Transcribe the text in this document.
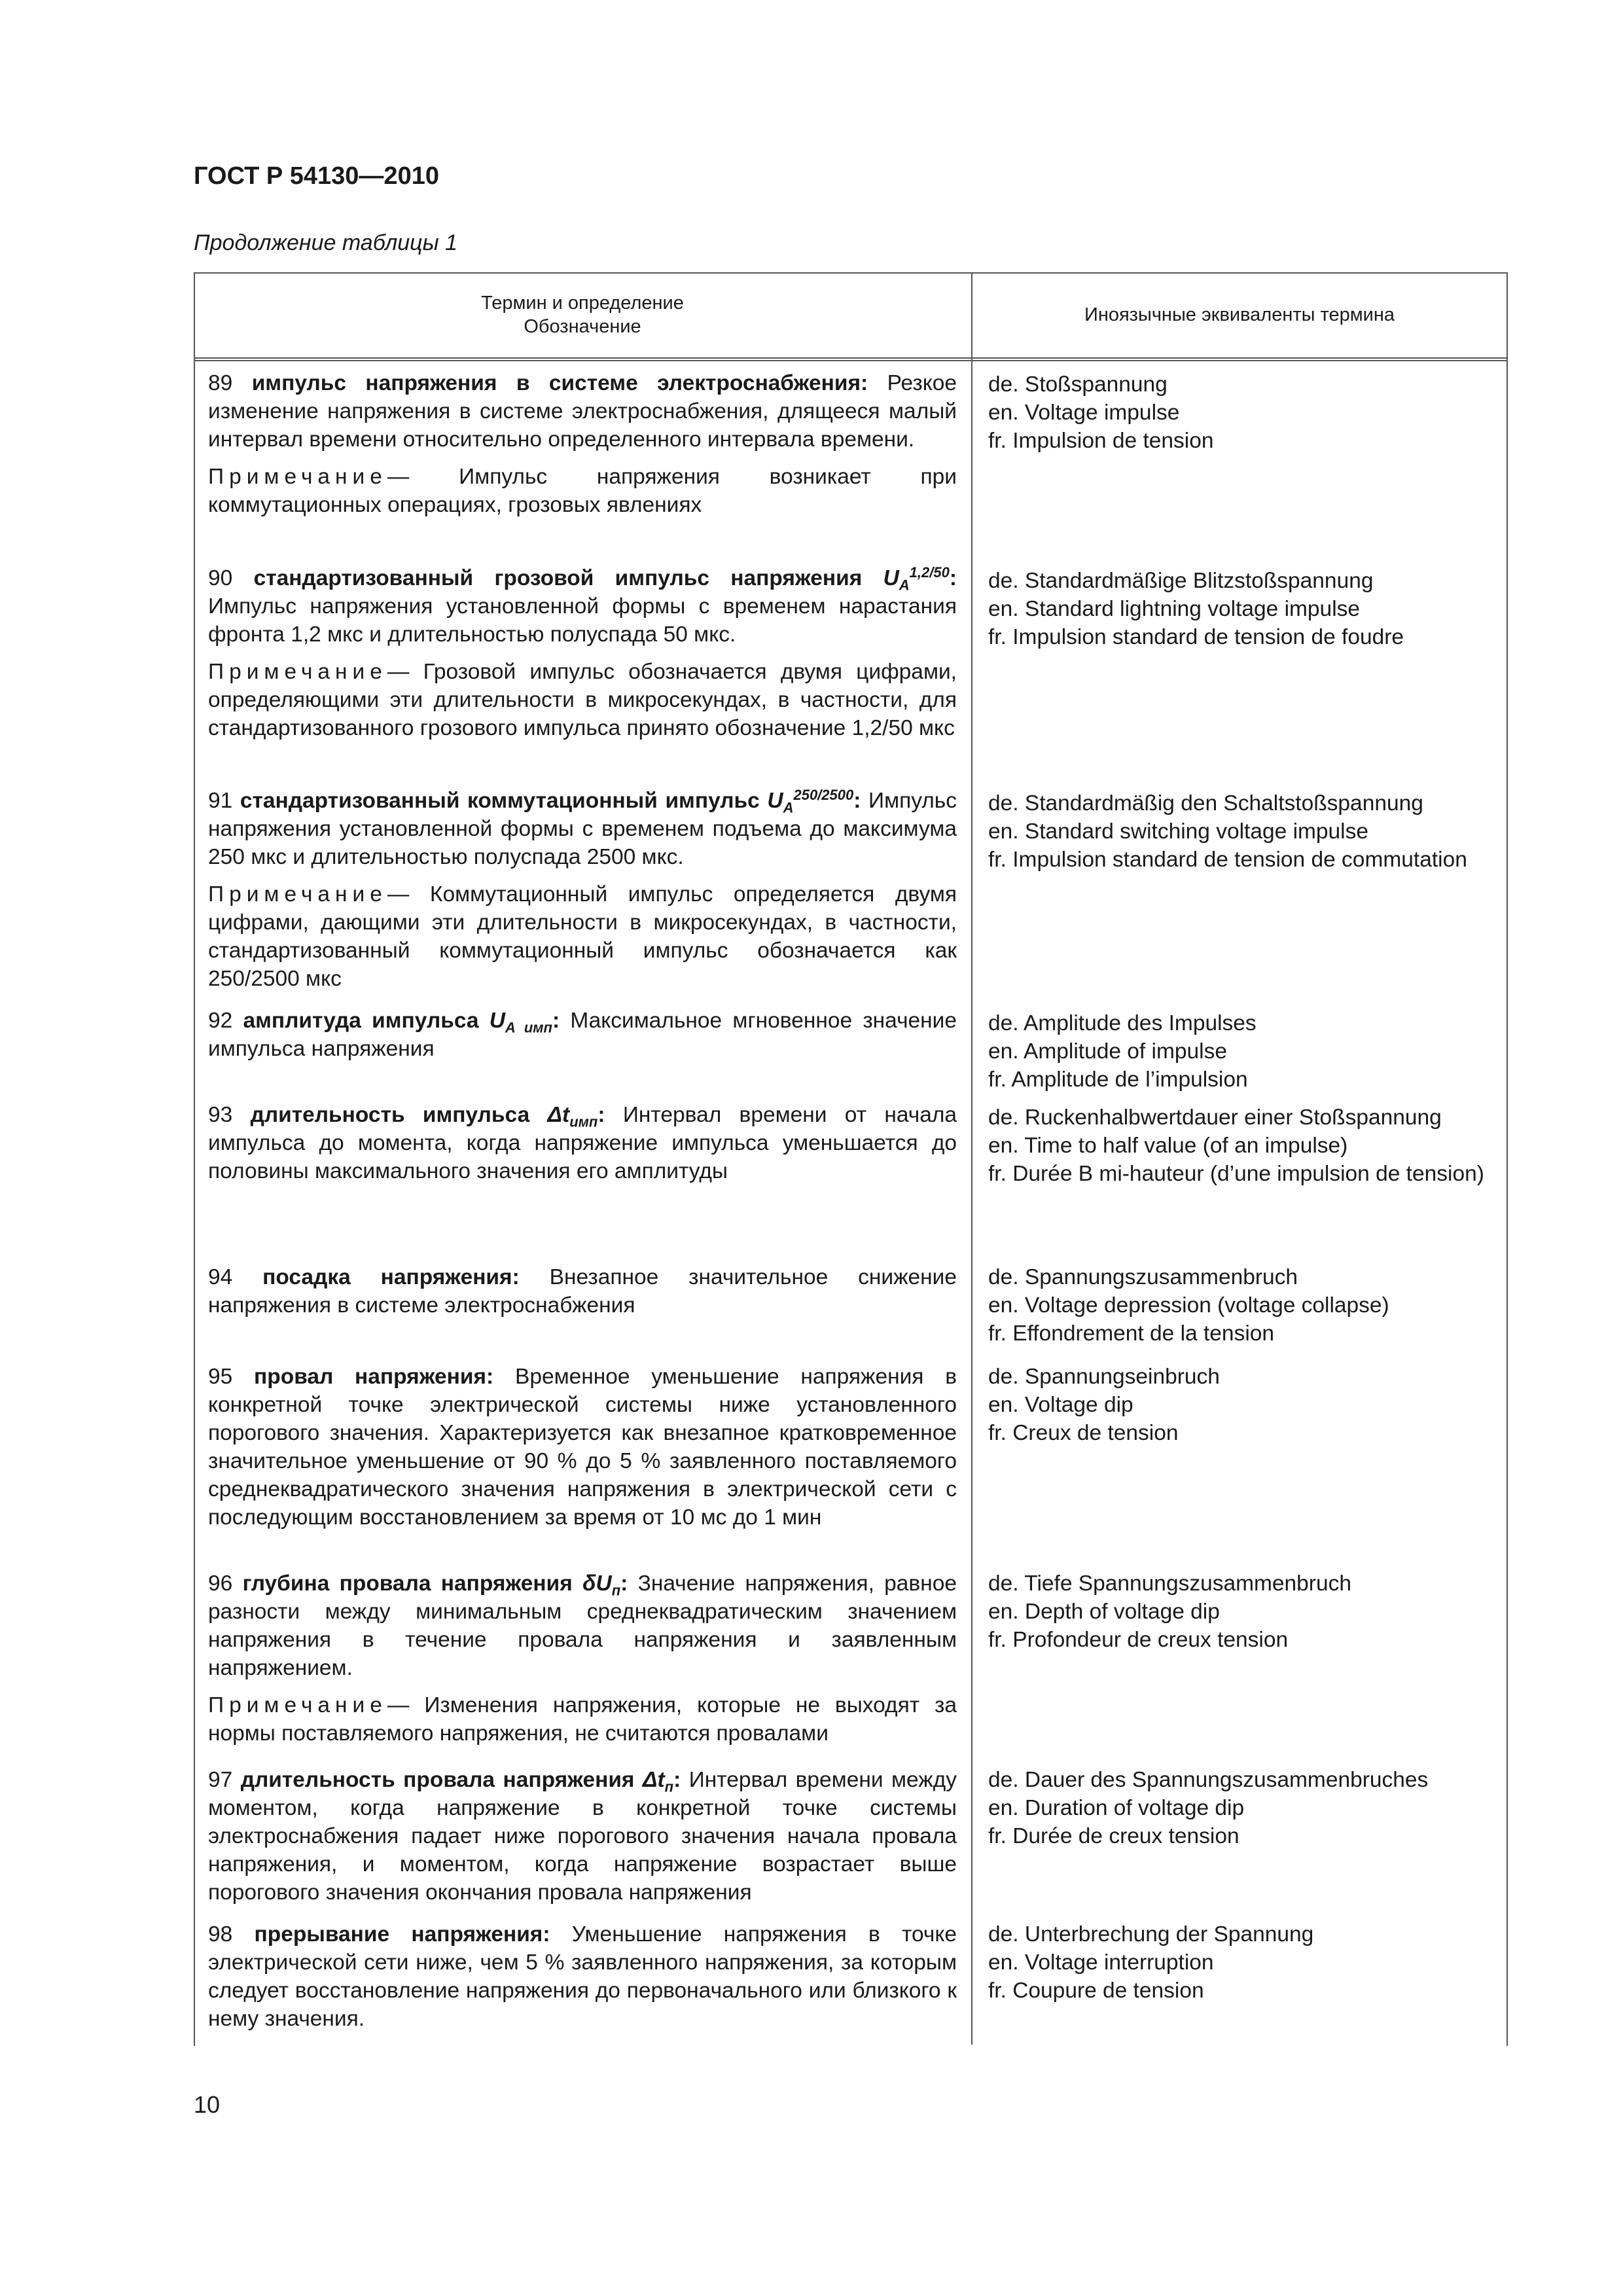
ГОСТ Р 54130—2010

Продолжение таблицы 1

Термин и определение
Обозначение
Иноязычные эквиваленты термина

89 импульс напряжения в системе электроснабжения: Резкое изменение напряжения в системе электроснабжения, длящееся малый интервал времени относительно определенного интервала времени.

Примечание— Импульс напряжения возникает при коммутационных операциях, грозовых явлениях

de. Stoßspannung
en. Voltage impulse
fr. Impulsion de tension

90 стандартизованный грозовой импульс напряжения $U_A^{1,2/50}$: Импульс напряжения установленной формы с временем нарастания фронта 1,2 мкс и длительностью полуспада 50 мкс.

Примечание— Грозовой импульс обозначается двумя цифрами, определяющими эти длительности в микросекундах, в частности, для стандартизованного грозового импульса принято обозначение 1,2/50 мкс

de. Standardmäßige Blitzstoßspannung
en. Standard lightning voltage impulse
fr. Impulsion standard de tension de foudre

91 стандартизованный коммутационный импульс $U_A^{250/2500}$: Импульс напряжения установленной формы с временем подъема до максимума 250 мкс и длительностью полуспада 2500 мкс.

Примечание— Коммутационный импульс определяется двумя цифрами, дающими эти длительности в микросекундах, в частности, стандартизованный коммутационный импульс обозначается как 250/2500 мкс

de. Standardmäßig den Schaltstoßspannung
en. Standard switching voltage impulse
fr. Impulsion standard de tension de commutation

92 амплитуда импульса $U_{А имп}$: Максимальное мгновенное значение импульса напряжения

de. Amplitude des Impulses
en. Amplitude of impulse
fr. Amplitude de l’impulsion

93 длительность импульса $\Delta t_{имп}$: Интервал времени от начала импульса до момента, когда напряжение импульса уменьшается до половины максимального значения его амплитуды

de. Ruckenhalbwertdauer einer Stoßspannung
en. Time to half value (of an impulse)
fr. Durée B mi-hauteur (d’une impulsion de tension)

94 посадка напряжения: Внезапное значительное снижение напряжения в системе электроснабжения

de. Spannungszusammenbruch
en. Voltage depression (voltage collapse)
fr. Effondrement de la tension

95 провал напряжения: Временное уменьшение напряжения в конкретной точке электрической системы ниже установленного порогового значения. Характеризуется как внезапное кратковременное значительное уменьшение от 90 % до 5 % заявленного поставляемого среднеквадратического значения напряжения в электрической сети с последующим восстановлением за время от 10 мс до 1 мин

de. Spannungseinbruch
en. Voltage dip
fr. Creux de tension

96 глубина провала напряжения $\delta U_п$: Значение напряжения, равное разности между минимальным среднеквадратическим значением напряжения в течение провала напряжения и заявленным напряжением.

Примечание— Изменения напряжения, которые не выходят за нормы поставляемого напряжения, не считаются провалами

de. Tiefe Spannungszusammenbruch
en. Depth of voltage dip
fr. Profondeur de creux tension

97 длительность провала напряжения $\Delta t_п$: Интервал времени между моментом, когда напряжение в конкретной точке системы электроснабжения падает ниже порогового значения начала провала напряжения, и моментом, когда напряжение возрастает выше порогового значения окончания провала напряжения

de. Dauer des Spannungszusammenbruches
en. Duration of voltage dip
fr. Durée de creux tension

98 прерывание напряжения: Уменьшение напряжения в точке электрической сети ниже, чем 5 % заявленного напряжения, за которым следует восстановление напряжения до первоначального или близкого к нему значения.

de. Unterbrechung der Spannung
en. Voltage interruption
fr. Coupure de tension
10
